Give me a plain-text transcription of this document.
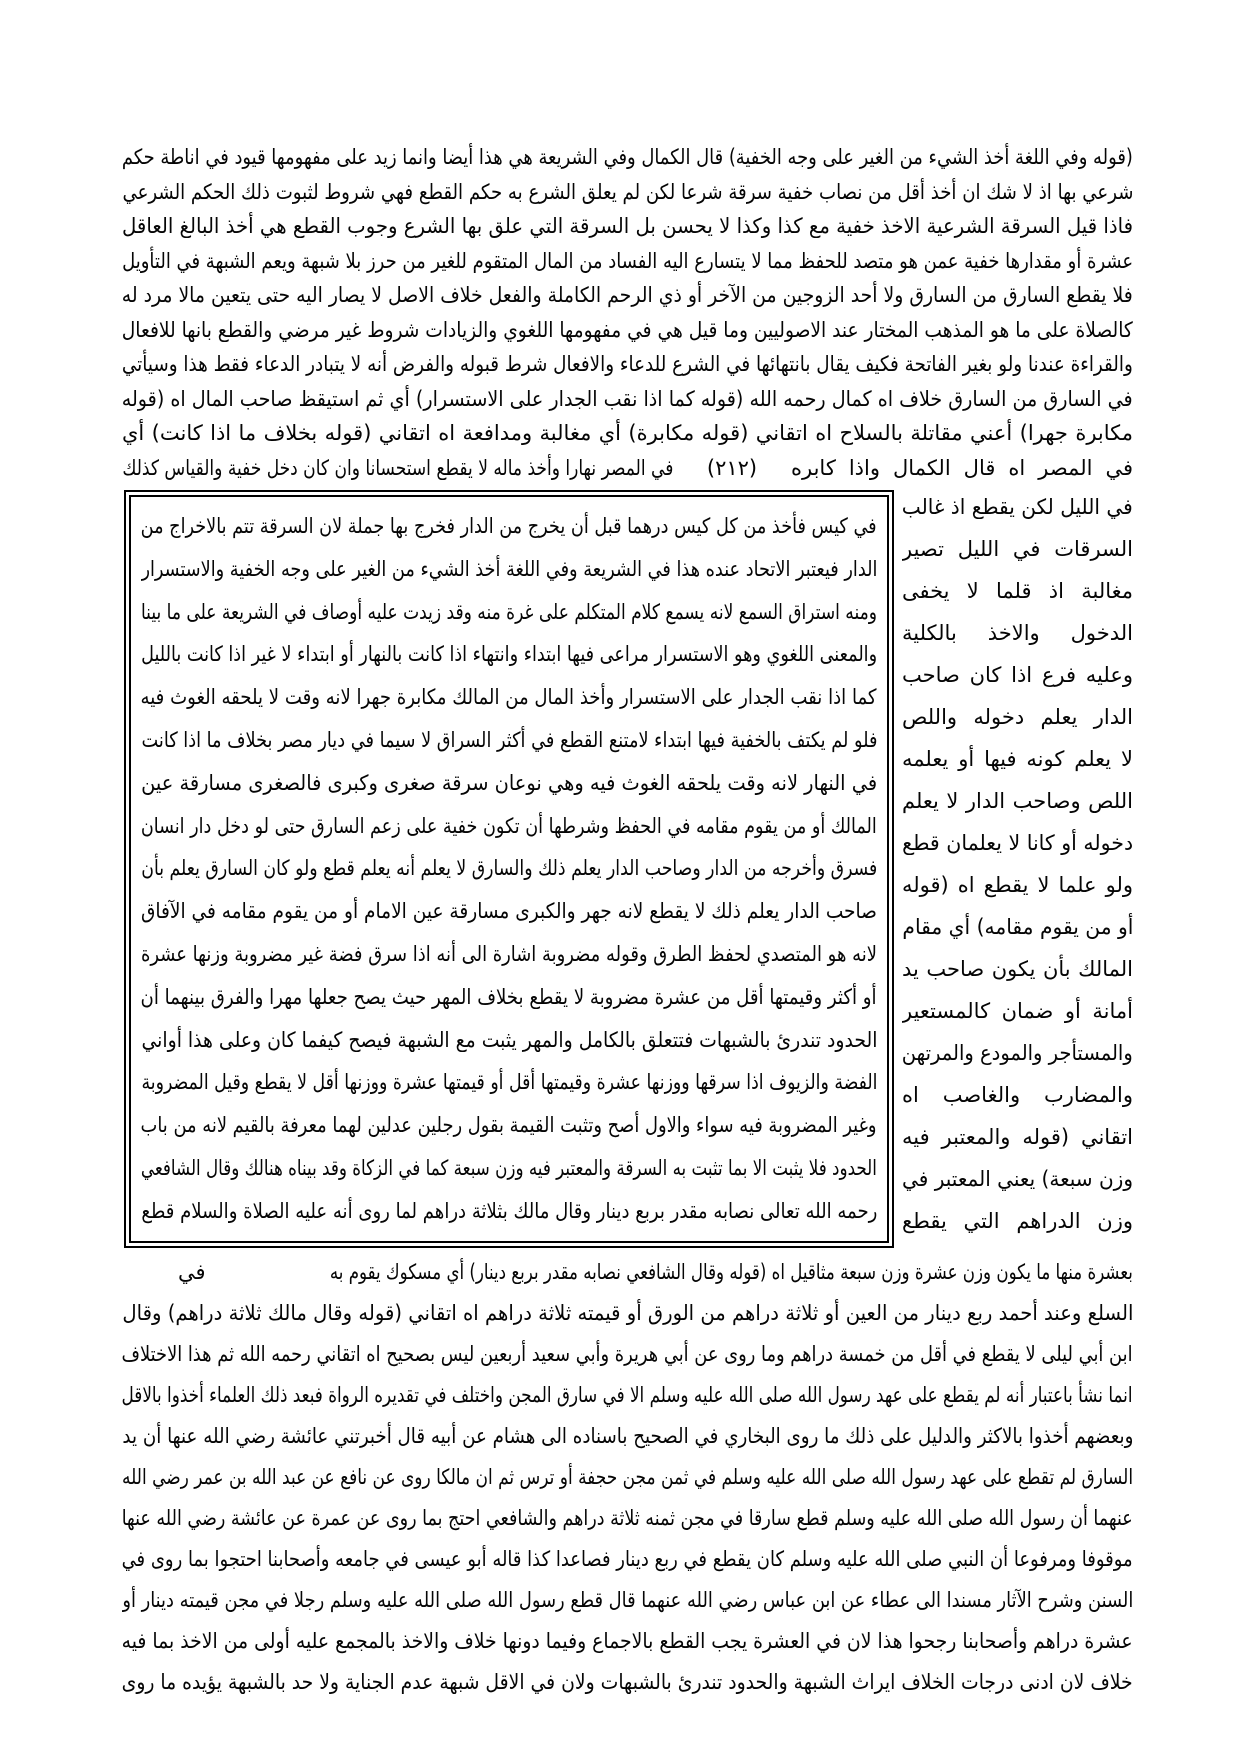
(قوله وفي اللغة أخذ الشيء من الغير على وجه الخفية) قال الكمال وفي الشريعة هي هذا أيضا وانما زيد على مفهومها قيود في اناطة حكم
شرعي بها اذ لا شك ان أخذ أقل من نصاب خفية سرقة شرعا لكن لم يعلق الشرع به حكم القطع فهي شروط لثبوت ذلك الحكم الشرعي
فاذا قيل السرقة الشرعية الاخذ خفية مع كذا وكذا لا يحسن بل السرقة التي علق بها الشرع وجوب القطع هي أخذ البالغ العاقل
عشرة أو مقدارها خفية عمن هو متصد للحفظ مما لا يتسارع اليه الفساد من المال المتقوم للغير من حرز بلا شبهة ويعم الشبهة في التأويل
فلا يقطع السارق من السارق ولا أحد الزوجين من الآخر أو ذي الرحم الكاملة والفعل خلاف الاصل لا يصار اليه حتى يتعين مالا مرد له
كالصلاة على ما هو المذهب المختار عند الاصوليين وما قيل هي في مفهومها اللغوي والزيادات شروط غير مرضي والقطع بانها للافعال
والقراءة عندنا ولو بغير الفاتحة فكيف يقال بانتهائها في الشرع للدعاء والافعال شرط قبوله والفرض أنه لا يتبادر الدعاء فقط هذا وسيأتي
في السارق من السارق خلاف اه كمال رحمه الله (قوله كما اذا نقب الجدار على الاستسرار) أي ثم استيقظ صاحب المال اه (قوله
مكابرة جهرا) أعني مقاتلة بالسلاح اه اتقاني (قوله مكابرة) أي مغالبة ومدافعة اه اتقاني (قوله بخلاف ما اذا كانت) أي
في المصر اه قال الكمال واذا كابره
(٢١٢)
في المصر نهارا وأخذ ماله لا يقطع استحسانا وان كان دخل خفية والقياس كذلك
في الليل لكن يقطع اذ غالب
السرقات في الليل تصير
مغالبة اذ قلما لا يخفى
الدخول والاخذ بالكلية
وعليه فرع اذا كان صاحب
الدار يعلم دخوله واللص
لا يعلم كونه فيها أو يعلمه
اللص وصاحب الدار لا يعلم
دخوله أو كانا لا يعلمان قطع
ولو علما لا يقطع اه (قوله
أو من يقوم مقامه) أي مقام
المالك بأن يكون صاحب يد
أمانة أو ضمان كالمستعير
والمستأجر والمودع والمرتهن
والمضارب والغاصب اه
اتقاني (قوله والمعتبر فيه
وزن سبعة) يعني المعتبر في
وزن الدراهم التي يقطع
في كيس فأخذ من كل كيس درهما قبل أن يخرج من الدار فخرج بها جملة لان السرقة تتم بالاخراج من
الدار فيعتبر الاتحاد عنده هذا في الشريعة وفي اللغة أخذ الشيء من الغير على وجه الخفية والاستسرار
ومنه استراق السمع لانه يسمع كلام المتكلم على غرة منه وقد زيدت عليه أوصاف في الشريعة على ما بينا
والمعنى اللغوي وهو الاستسرار مراعى فيها ابتداء وانتهاء اذا كانت بالنهار أو ابتداء لا غير اذا كانت بالليل
كما اذا نقب الجدار على الاستسرار وأخذ المال من المالك مكابرة جهرا لانه وقت لا يلحقه الغوث فيه
فلو لم يكتف بالخفية فيها ابتداء لامتنع القطع في أكثر السراق لا سيما في ديار مصر بخلاف ما اذا كانت
في النهار لانه وقت يلحقه الغوث فيه وهي نوعان سرقة صغرى وكبرى فالصغرى مسارقة عين
المالك أو من يقوم مقامه في الحفظ وشرطها أن تكون خفية على زعم السارق حتى لو دخل دار انسان
فسرق وأخرجه من الدار وصاحب الدار يعلم ذلك والسارق لا يعلم أنه يعلم قطع ولو كان السارق يعلم بأن
صاحب الدار يعلم ذلك لا يقطع لانه جهر والكبرى مسارقة عين الامام أو من يقوم مقامه في الآفاق
لانه هو المتصدي لحفظ الطرق وقوله مضروبة اشارة الى أنه اذا سرق فضة غير مضروبة وزنها عشرة
أو أكثر وقيمتها أقل من عشرة مضروبة لا يقطع بخلاف المهر حيث يصح جعلها مهرا والفرق بينهما أن
الحدود تندرئ بالشبهات فتتعلق بالكامل والمهر يثبت مع الشبهة فيصح كيفما كان وعلى هذا أواني
الفضة والزيوف اذا سرقها ووزنها عشرة وقيمتها أقل أو قيمتها عشرة ووزنها أقل لا يقطع وقيل المضروبة
وغير المضروبة فيه سواء والاول أصح وتثبت القيمة بقول رجلين عدلين لهما معرفة بالقيم لانه من باب
الحدود فلا يثبت الا بما تثبت به السرقة والمعتبر فيه وزن سبعة كما في الزكاة وقد بيناه هنالك وقال الشافعي
رحمه الله تعالى نصابه مقدر بربع دينار وقال مالك بثلاثة دراهم لما روى أنه عليه الصلاة والسلام قطع
بعشرة منها ما يكون وزن عشرة وزن سبعة مثاقيل اه (قوله وقال الشافعي نصابه مقدر بربع دينار) أي مسكوك يقوم به
في
السلع وعند أحمد ربع دينار من العين أو ثلاثة دراهم من الورق أو قيمته ثلاثة دراهم اه اتقاني (قوله وقال مالك ثلاثة دراهم) وقال
ابن أبي ليلى لا يقطع في أقل من خمسة دراهم وما روى عن أبي هريرة وأبي سعيد أربعين ليس بصحيح اه اتقاني رحمه الله ثم هذا الاختلاف
انما نشأ باعتبار أنه لم يقطع على عهد رسول الله صلى الله عليه وسلم الا في سارق المجن واختلف في تقديره الرواة فبعد ذلك العلماء أخذوا بالاقل
وبعضهم أخذوا بالاكثر والدليل على ذلك ما روى البخاري في الصحيح باسناده الى هشام عن أبيه قال أخبرتني عائشة رضي الله عنها أن يد
السارق لم تقطع على عهد رسول الله صلى الله عليه وسلم في ثمن مجن حجفة أو ترس ثم ان مالكا روى عن نافع عن عبد الله بن عمر رضي الله
عنهما أن رسول الله صلى الله عليه وسلم قطع سارقا في مجن ثمنه ثلاثة دراهم والشافعي احتج بما روى عن عمرة عن عائشة رضي الله عنها
موقوفا ومرفوعا أن النبي صلى الله عليه وسلم كان يقطع في ربع دينار فصاعدا كذا قاله أبو عيسى في جامعه وأصحابنا احتجوا بما روى في
السنن وشرح الآثار مسندا الى عطاء عن ابن عباس رضي الله عنهما قال قطع رسول الله صلى الله عليه وسلم رجلا في مجن قيمته دينار أو
عشرة دراهم وأصحابنا رجحوا هذا لان في العشرة يجب القطع بالاجماع وفيما دونها خلاف والاخذ بالمجمع عليه أولى من الاخذ بما فيه
خلاف لان ادنى درجات الخلاف ايراث الشبهة والحدود تندرئ بالشبهات ولان في الاقل شبهة عدم الجناية ولا حد بالشبهة يؤيده ما روى
